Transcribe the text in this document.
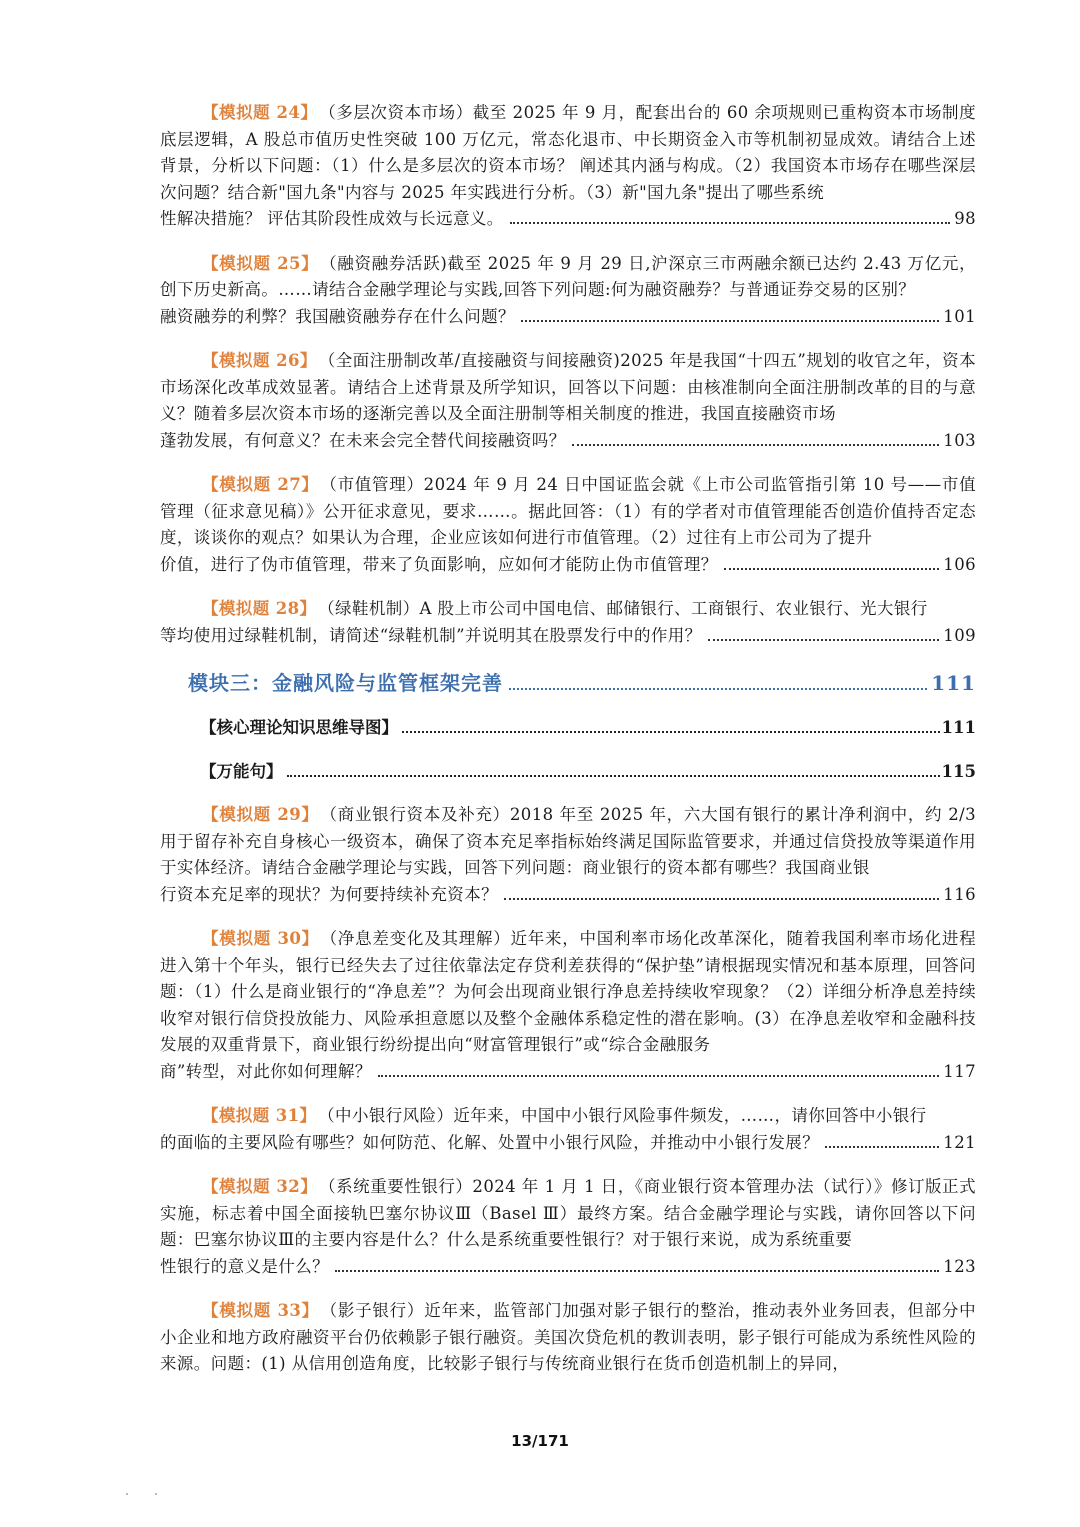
【模拟题 24】 （多层次资本市场）截至 2025 年 9 月，配套出台的 60 余项规则已重构资本市场制度底层逻辑，A 股总市值历史性突破 100 万亿元，常态化退市、中长期资金入市等机制初显成效。请结合上述背景，分析以下问题：（1）什么是多层次的资本市场？ 阐述其内涵与构成。（2）我国资本市场存在哪些深层次问题？结合新"国九条"内容与 2025 年实践进行分析。（3）新"国九条"提出了哪些系统
性解决措施？ 评估其阶段性成效与长远意义。	98
【模拟题 25】 （融资融券活跃)截至 2025 年 9 月 29 日,沪深京三市两融余额已达约 2.43 万亿元，创下历史新高。……请结合金融学理论与实践,回答下列问题:何为融资融券？与普通证券交易的区别？
融资融券的利弊？我国融资融券存在什么问题？	101
【模拟题 26】 （全面注册制改革/直接融资与间接融资)2025 年是我国“十四五”规划的收官之年，资本市场深化改革成效显著。请结合上述背景及所学知识，回答以下问题：由核准制向全面注册制改革的目的与意义？随着多层次资本市场的逐渐完善以及全面注册制等相关制度的推进，我国直接融资市场
蓬勃发展，有何意义？在未来会完全替代间接融资吗？	103
【模拟题 27】 （市值管理）2024 年 9 月 24 日中国证监会就《上市公司监管指引第 10 号——市值管理（征求意见稿）》公开征求意见，要求……。据此回答：（1）有的学者对市值管理能否创造价值持否定态度，谈谈你的观点？如果认为合理，企业应该如何进行市值管理。（2）过往有上市公司为了提升
价值，进行了伪市值管理，带来了负面影响，应如何才能防止伪市值管理？	106
【模拟题 28】 （绿鞋机制）A 股上市公司中国电信、邮储银行、工商银行、农业银行、光大银行
等均使用过绿鞋机制，请简述“绿鞋机制”并说明其在股票发行中的作用？	109
模块三：金融风险与监管框架完善	111
【核心理论知识思维导图】	111
【万能句】	115
【模拟题 29】 （商业银行资本及补充）2018 年至 2025 年，六大国有银行的累计净利润中，约 2/3 用于留存补充自身核心一级资本，确保了资本充足率指标始终满足国际监管要求，并通过信贷投放等渠道作用于实体经济。请结合金融学理论与实践，回答下列问题：商业银行的资本都有哪些？我国商业银
行资本充足率的现状？为何要持续补充资本？	116
【模拟题 30】 （净息差变化及其理解）近年来，中国利率市场化改革深化，随着我国利率市场化进程进入第十个年头，银行已经失去了过往依靠法定存贷利差获得的“保护垫”请根据现实情况和基本原理，回答问题：（1）什么是商业银行的“净息差”？为何会出现商业银行净息差持续收窄现象？（2）详细分析净息差持续收窄对银行信贷投放能力、风险承担意愿以及整个金融体系稳定性的潜在影响。(3）在净息差收窄和金融科技发展的双重背景下，商业银行纷纷提出向“财富管理银行”或“综合金融服务
商”转型，对此你如何理解？	117
【模拟题 31】 （中小银行风险）近年来，中国中小银行风险事件频发，……，请你回答中小银行
的面临的主要风险有哪些？如何防范、化解、处置中小银行风险，并推动中小银行发展？	121
【模拟题 32】 （系统重要性银行）2024 年 1 月 1 日，《商业银行资本管理办法（试行）》修订版正式实施，标志着中国全面接轨巴塞尔协议Ⅲ（Basel Ⅲ）最终方案。结合金融学理论与实践，请你回答以下问题：巴塞尔协议Ⅲ的主要内容是什么？什么是系统重要性银行？对于银行来说，成为系统重要
性银行的意义是什么？	123
【模拟题 33】 （影子银行）近年来，监管部门加强对影子银行的整治，推动表外业务回表，但部分中小企业和地方政府融资平台仍依赖影子银行融资。美国次贷危机的教训表明，影子银行可能成为系统性风险的来源。问题：(1) 从信用创造角度，比较影子银行与传统商业银行在货币创造机制上的异同，
13/171
